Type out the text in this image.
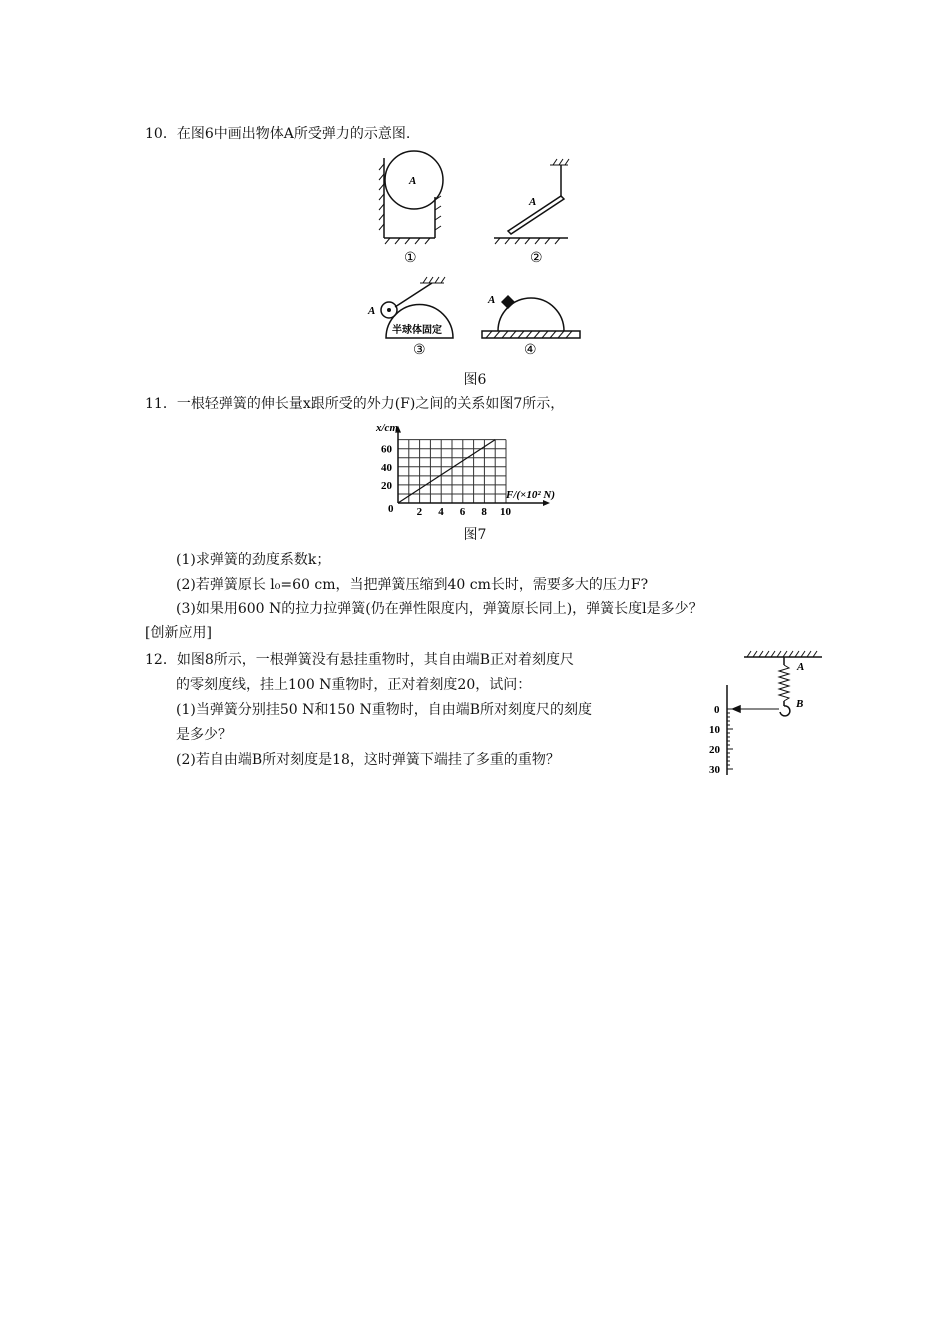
10．在图6中画出物体A所受弹力的示意图.
A
①
A
②
A
半球体固定
③
A
④
A
B
0
10
20
30
图6
11．一根轻弹簧的伸长量x跟所受的外力(F)之间的关系如图7所示，
2 4 6 8 10
20
40
60
x/cm
F/(×10² N)
0
图7
(1)求弹簧的劲度系数k；
(2)若弹簧原长 l₀=60 cm，当把弹簧压缩到40 cm长时，需要多大的压力F?
(3)如果用600 N的拉力拉弹簧(仍在弹性限度内，弹簧原长同上)，弹簧长度l是多少？
[创新应用]
12．如图8所示，一根弹簧没有悬挂重物时，其自由端B正对着刻度尺
的零刻度线，挂上100 N重物时，正对着刻度20，试问：
(1)当弹簧分别挂50 N和150 N重物时，自由端B所对刻度尺的刻度
是多少？
(2)若自由端B所对刻度是18，这时弹簧下端挂了多重的重物？
